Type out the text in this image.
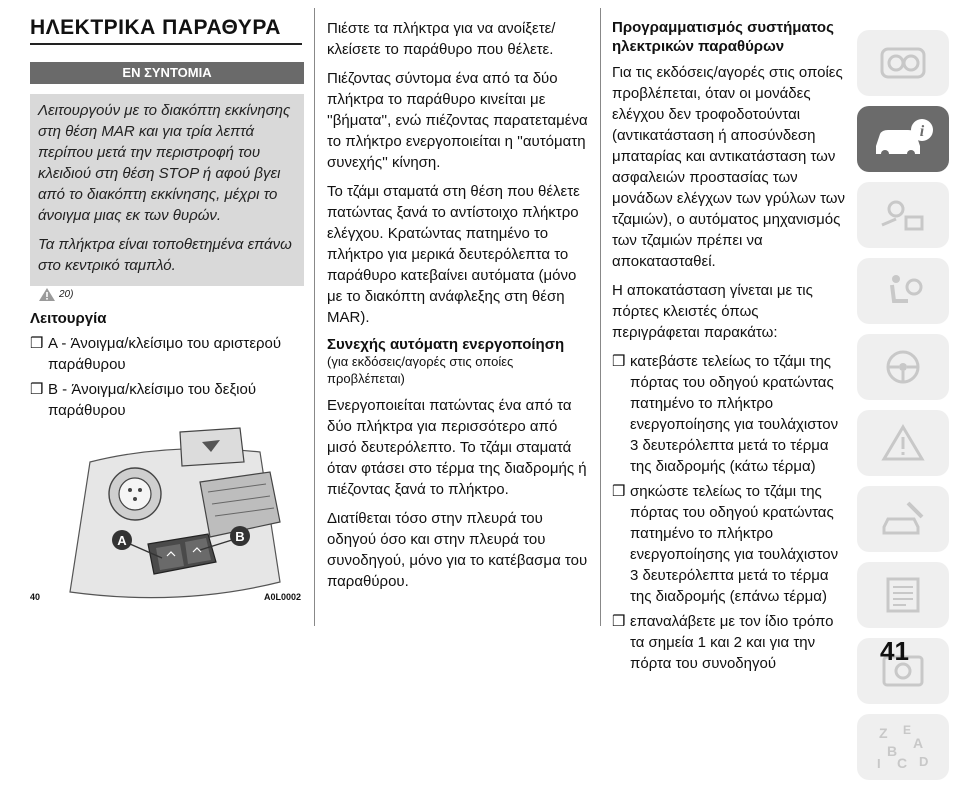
ΗΛΕΚΤΡΙΚΑ ΠΑΡΑΘΥΡΑ
ΕΝ ΣΥΝΤΟΜΙΑ

Λειτουργούν με το διακόπτη εκκίνησης στη θέση MAR και για τρία λεπτά περίπου μετά την περιστροφή του κλειδιού στη θέση STOP ή αφού βγει από το διακόπτη εκκίνησης, μέχρι το άνοιγμα μιας εκ των θυρών.

Τα πλήκτρα είναι τοποθετημένα επάνω στο κεντρικό ταμπλό.

20)

Λειτουργία

❒ A - Άνοιγμα/κλείσιμο του αριστερού παράθυρου
❒ B - Άνοιγμα/κλείσιμο του δεξιού παράθυρου
A	B
40	A0L0002

Πιέστε τα πλήκτρα για να ανοίξετε/κλείσετε το παράθυρο που θέλετε.

Πιέζοντας σύντομα ένα από τα δύο πλήκτρα το παράθυρο κινείται με ''βήματα'', ενώ πιέζοντας παρατεταμένα το πλήκτρο ενεργοποιείται η ''αυτόματη συνεχής'' κίνηση.

Το τζάμι σταματά στη θέση που θέλετε πατώντας ξανά το αντίστοιχο πλήκτρο ελέγχου. Κρατώντας πατημένο το πλήκτρο για μερικά δευτερόλεπτα το παράθυρο κατεβαίνει αυτόματα (μόνο με το διακόπτη ανάφλεξης στη θέση MAR).

Συνεχής αυτόματη ενεργοποίηση

(για εκδόσεις/αγορές στις οποίες προβλέπεται)

Ενεργοποιείται πατώντας ένα από τα δύο πλήκτρα για περισσότερο από μισό δευτερόλεπτο. Το τζάμι σταματά όταν φτάσει στο τέρμα της διαδρομής ή πιέζοντας ξανά το πλήκτρο.

Διατίθεται τόσο στην πλευρά του οδηγού όσο και στην πλευρά του συνοδηγού, μόνο για το κατέβασμα του παραθύρου.

Προγραμματισμός συστήματος ηλεκτρικών παραθύρων

Για τις εκδόσεις/αγορές στις οποίες προβλέπεται, όταν οι μονάδες ελέγχου δεν τροφοδοτούνται (αντικατάσταση ή αποσύνδεση μπαταρίας και αντικατάσταση των ασφαλειών προστασίας των μονάδων ελέγχων των γρύλων των τζαμιών), ο αυτόματος μηχανισμός των τζαμιών πρέπει να αποκατασταθεί.

Η αποκατάσταση γίνεται με τις πόρτες κλειστές όπως περιγράφεται παρακάτω:

❒ κατεβάστε τελείως το τζάμι της πόρτας του οδηγού κρατώντας πατημένο το πλήκτρο ενεργοποίησης για τουλάχιστον 3 δευτερόλεπτα μετά το τέρμα της διαδρομής (κάτω τέρμα)
❒ σηκώστε τελείως το τζάμι της πόρτας του οδηγού κρατώντας πατημένο το πλήκτρο ενεργοποίησης για τουλάχιστον 3 δευτερόλεπτα μετά το τέρμα της διαδρομής (επάνω τέρμα)
❒ επαναλάβετε με τον ίδιο τρόπο τα σημεία 1 και 2 και για την πόρτα του συνοδηγού
i
Z E
A
B
I C D
41
